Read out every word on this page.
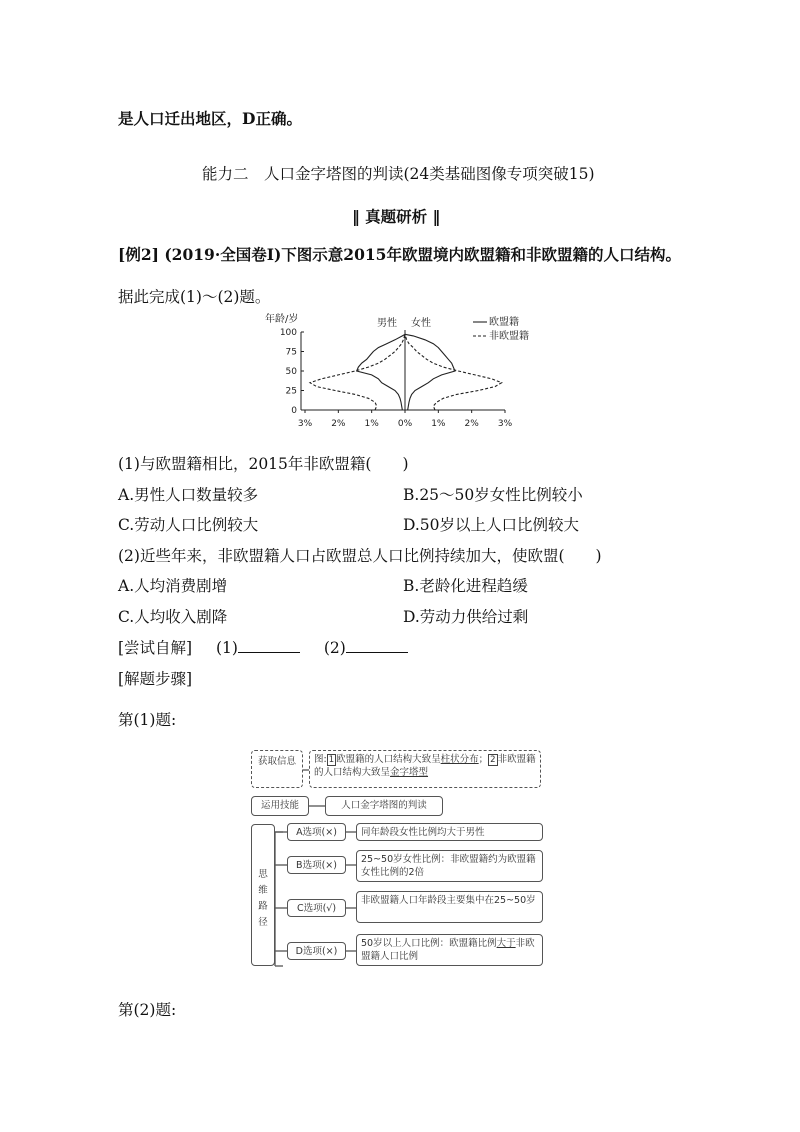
是人口迁出地区，D正确。
能力二　人口金字塔图的判读(24类基础图像专项突破15)
‖ 真题研析 ‖
[例2] (2019·全国卷Ⅰ)下图示意2015年欧盟境内欧盟籍和非欧盟籍的人口结构。
据此完成(1)～(2)题。
100
75
50
25
0
3% 2% 1% 0% 1% 2% 3%
年龄/岁	男性 女性	欧盟籍
非欧盟籍
(1)与欧盟籍相比，2015年非欧盟籍(　　)
A.男性人口数量较多	B.25～50岁女性比例较小
C.劳动人口比例较大	D.50岁以上人口比例较大
(2)近些年来，非欧盟籍人口占欧盟总人口比例持续加大，使欧盟(　　)
A.人均消费剧增	B.老龄化进程趋缓
C.人均收入剧降	D.劳动力供给过剩
[尝试自解] (1)	(2)
[解题步骤]
第(1)题:
获取信息	图: 1 欧盟籍的人口结构大致呈柱状分布； 2 非欧盟籍的人口结构大致呈金字塔型
运用技能	人口金字塔图的判读
思维路径
A选项(×)	同年龄段女性比例均大于男性
B选项(×)
25~50岁女性比例：非欧盟籍约为欧盟籍女性比例的2倍
C选项(√)
非欧盟籍人口年龄段主要集中在25~50岁
D选项(×)
50岁以上人口比例：欧盟籍比例大于非欧盟籍人口比例
第(2)题:
